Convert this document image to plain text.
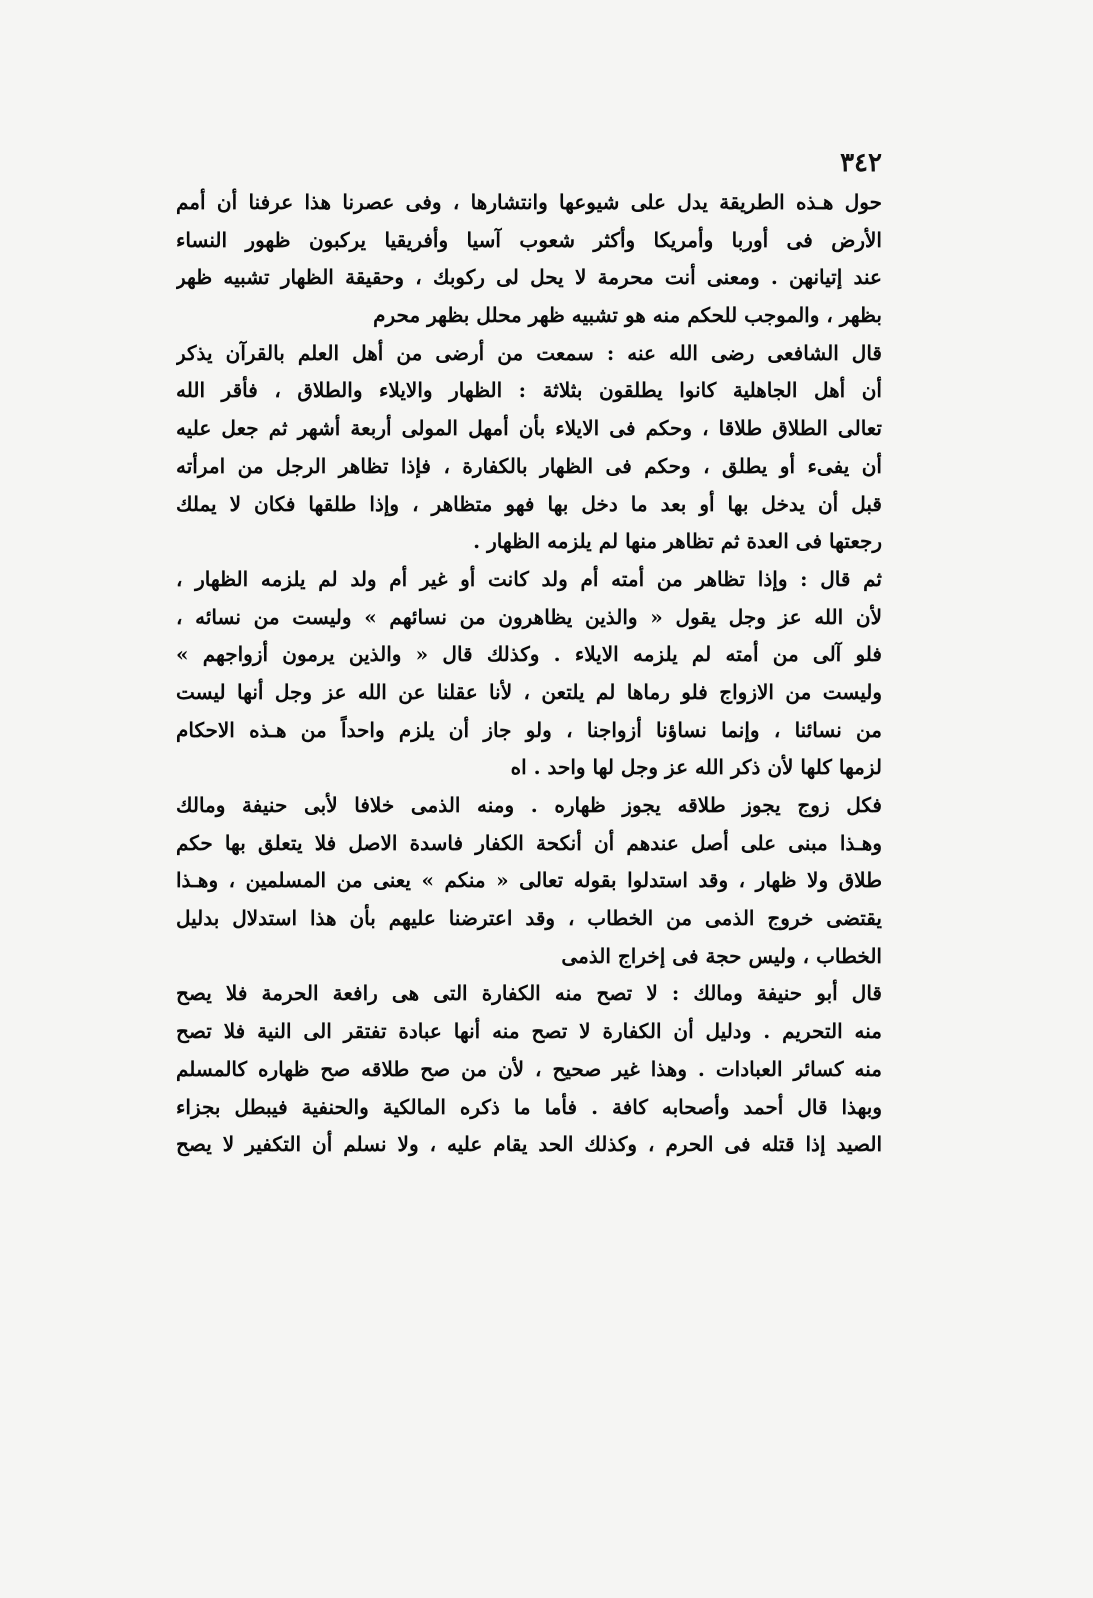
٣٤٢
حول هـذه الطريقة يدل على شيوعها وانتشارها ، وفى عصرنا هذا عرفنا أن أمم
الأرض فى أوربا وأمريكا وأكثر شعوب آسيا وأفريقيا يركبون ظهور النساء
عند إتيانهن . ومعنى أنت محرمة لا يحل لى ركوبك ، وحقيقة الظهار تشبيه ظهر
بظهر ، والموجب للحكم منه هو تشبيه ظهر محلل بظهر محرم
قال الشافعى رضى الله عنه : سمعت من أرضى من أهل العلم بالقرآن يذكر
أن أهل الجاهلية كانوا يطلقون بثلاثة : الظهار والايلاء والطلاق ، فأقر الله
تعالى الطلاق طلاقا ، وحكم فى الايلاء بأن أمهل المولى أربعة أشهر ثم جعل عليه
أن يفىء أو يطلق ، وحكم فى الظهار بالكفارة ، فإذا تظاهر الرجل من امرأته
قبل أن يدخل بها أو بعد ما دخل بها فهو متظاهر ، وإذا طلقها فكان لا يملك
رجعتها فى العدة ثم تظاهر منها لم يلزمه الظهار .
ثم قال : وإذا تظاهر من أمته أم ولد كانت أو غير أم ولد لم يلزمه الظهار ،
لأن الله عز وجل يقول « والذين يظاهرون من نسائهم » وليست من نسائه ،
فلو آلى من أمته لم يلزمه الايلاء . وكذلك قال « والذين يرمون أزواجهم »
وليست من الازواج فلو رماها لم يلتعن ، لأنا عقلنا عن الله عز وجل أنها ليست
من نسائنا ، وإنما نساؤنا أزواجنا ، ولو جاز أن يلزم واحداً من هـذه الاحكام
لزمها كلها لأن ذكر الله عز وجل لها واحد . اه
فكل زوج يجوز طلاقه يجوز ظهاره . ومنه الذمى خلافا لأبى حنيفة ومالك
وهـذا مبنى على أصل عندهم أن أنكحة الكفار فاسدة الاصل فلا يتعلق بها حكم
طلاق ولا ظهار ، وقد استدلوا بقوله تعالى « منكم » يعنى من المسلمين ، وهـذا
يقتضى خروج الذمى من الخطاب ، وقد اعترضنا عليهم بأن هذا استدلال بدليل
الخطاب ، وليس حجة فى إخراج الذمى
قال أبو حنيفة ومالك : لا تصح منه الكفارة التى هى رافعة الحرمة فلا يصح
منه التحريم . ودليل أن الكفارة لا تصح منه أنها عبادة تفتقر الى النية فلا تصح
منه كسائر العبادات . وهذا غير صحيح ، لأن من صح طلاقه صح ظهاره كالمسلم
وبهذا قال أحمد وأصحابه كافة . فأما ما ذكره المالكية والحنفية فيبطل بجزاء
الصيد إذا قتله فى الحرم ، وكذلك الحد يقام عليه ، ولا نسلم أن التكفير لا يصح
